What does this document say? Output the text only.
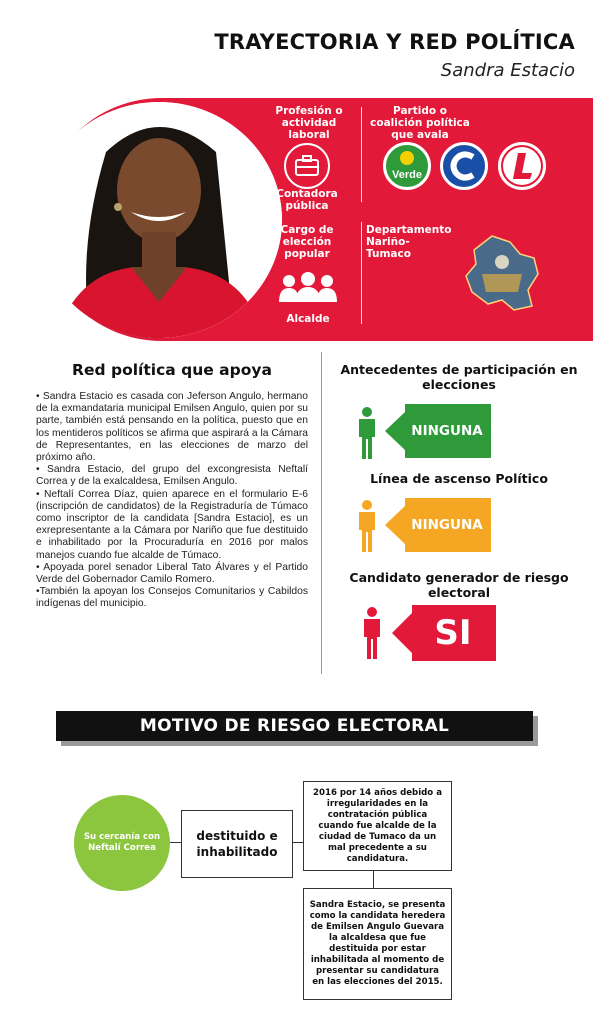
TRAYECTORIA Y RED POLÍTICA
Sandra Estacio
Profesión o actividad laboral
Contadora pública
Cargo de elección popular
Alcalde
Partido o coalición política que avala
Verde
Departamento Nariño- Tumaco
Red política que apoya

• Sandra Estacio es casada con Jeferson Angulo, hermano de la exmandataria municipal Emilsen Angulo, quien por su parte, también está pensando en la política, puesto que en los mentideros políticos se afirma que aspirará a la Cámara de Representantes, en las elecciones de marzo del próximo año.

• Sandra Estacio, del grupo del excongresista Neftalí Correa y de la exalcaldesa, Emilsen Angulo.

• Neftalí Correa Díaz, quien aparece en el formulario E-6 (inscripción de candidatos) de la Registraduría de Túmaco como inscriptor de la candidata [Sandra Estacio], es un exrepresentante a la Cámara por Nariño que fue destituido e inhabilitado por la Procuraduría en 2016 por malos manejos cuando fue alcalde de Túmaco.

• Apoyada porel senador Liberal Tato Álvares y el Partido Verde del Gobernador Camilo Romero.

•También la apoyan los Consejos Comunitarios y Cabildos indígenas del municipio.

Antecedentes de participación en elecciones
NINGUNA
Línea de ascenso Político
NINGUNA
Candidato generador de riesgo electoral
SI
MOTIVO DE RIESGO ELECTORAL
Su cercanía con Neftalí Correa
destituido e inhabilitado
2016 por 14 años debido a irregularidades en la contratación pública cuando fue alcalde de la ciudad de Tumaco da un mal precedente a su candidatura.
Sandra Estacio, se presenta como la candidata heredera de Emilsen Angulo Guevara la alcaldesa que fue destituida por estar inhabilitada al momento de presentar su candidatura en las elecciones del 2015.
